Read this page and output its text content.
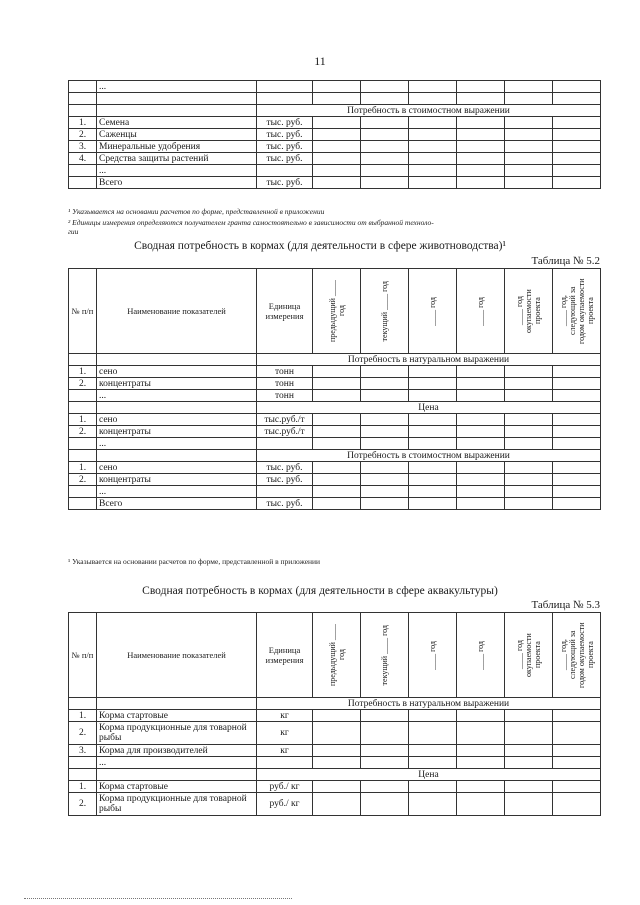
11
	...							

		Потребность в стоимостном выражении						
1.	Семена	тыс. руб.						
2.	Саженцы	тыс. руб.						
3.	Минеральные удобрения	тыс. руб.						
4.	Средства защиты растений	тыс. руб.						
	...							
	Всего	тыс. руб.						
¹ Указывается на основании расчетов по форме, представленной в приложении
² Единицы измерения определяются получателем гранта самостоятельно в зависимости от выбранной техноло-
гии
Сводная потребность в кормах (для деятельности в сфере животноводства)¹
Таблица № 5.2
№ п/п	Наименование показателей	Единица измерения	предыдущий ____ год	текущий ____ год	____ год	____ год	____ год окупаемости проекта	____ год, следующий за годом окупаемости проекта

		Потребность в натуральном выражении						
1.	сено	тонн						
2.	концентраты	тонн						
	...	тонн						
		Цена						
1.	сено	тыс.руб./т						
2.	концентраты	тыс.руб./т						
	...							
		Потребность в стоимостном выражении						
1.	сено	тыс. руб.						
2.	концентраты	тыс. руб.						
	...							
	Всего	тыс. руб.						
¹ Указывается на основании расчетов по форме, представленной в приложении
Сводная потребность в кормах (для деятельности в сфере аквакультуры)
Таблица № 5.3
№ п/п	Наименование показателей	Единица измерения	предыдущий ____ год	текущий ____ год	____ год	____ год	____ год окупаемости проекта	____ год, следующий за годом окупаемости проекта

		Потребность в натуральном выражении						
1.	Корма стартовые	кг						
2.	Корма продукционные для товарной рыбы	кг						
3.	Корма для производителей	кг						
	...							
		Цена						
1.	Корма стартовые	руб./ кг						
2.	Корма продукционные для товарной рыбы	руб./ кг						
